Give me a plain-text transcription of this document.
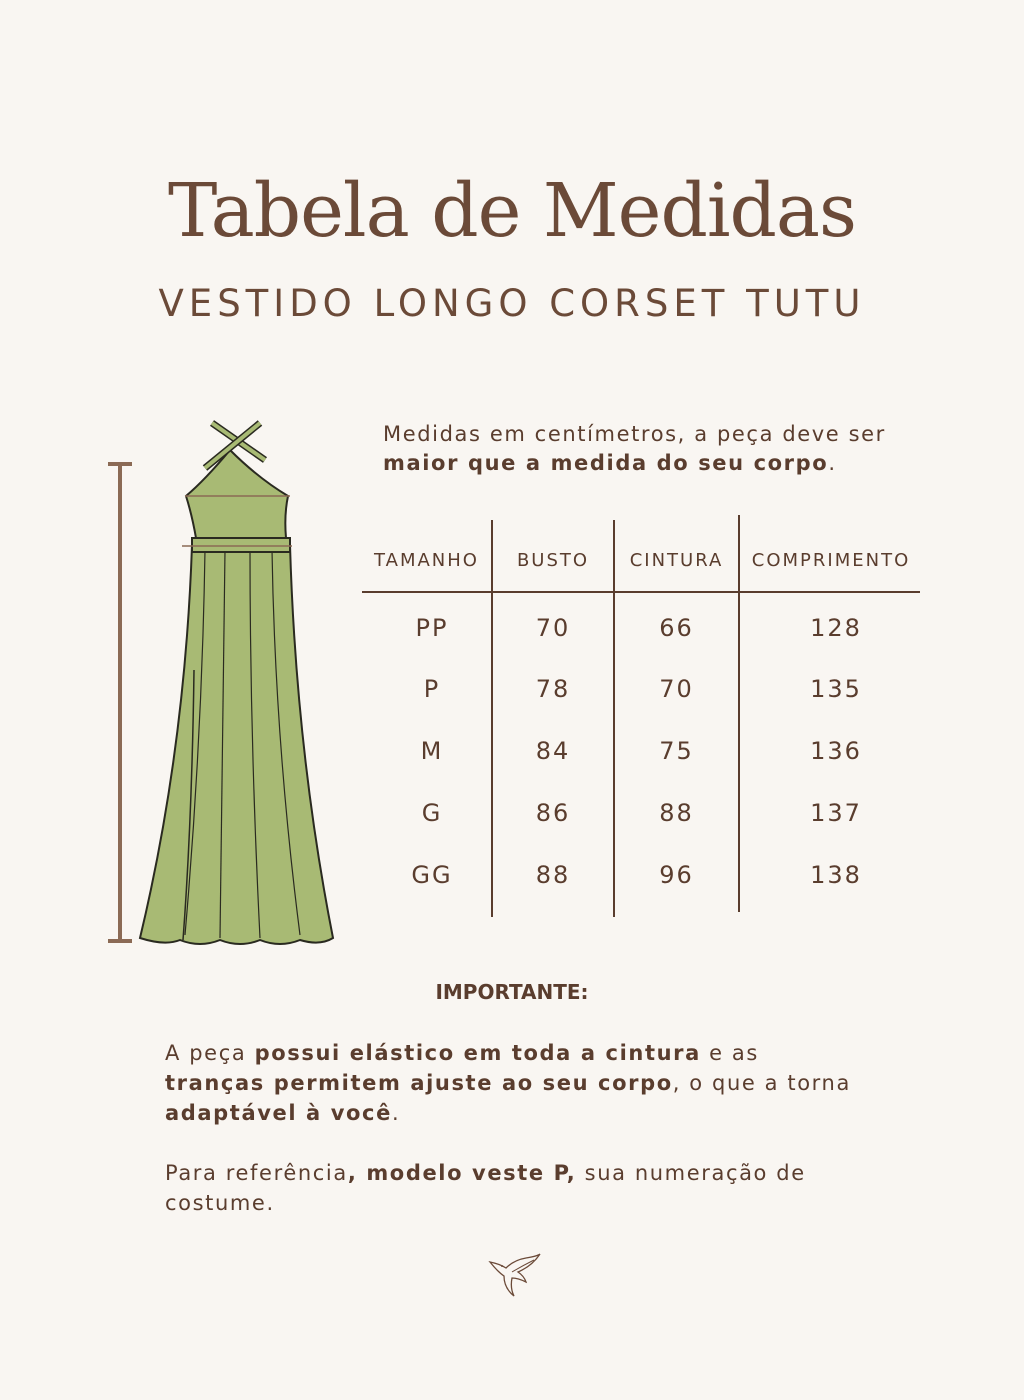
Tabela de Medidas
VESTIDO LONGO CORSET TUTU
Medidas em centímetros, a peça deve ser maior que a medida do seu corpo.
TAMANHO	BUSTO	CINTURA	COMPRIMENTO
PP	70	66	128
P	78	70	135
M	84	75	136
G	86	88	137
GG	88	96	138
IMPORTANTE:

A peça possui elástico em toda a cintura e as tranças permitem ajuste ao seu corpo, o que a torna adaptável à você.

Para referência, modelo veste P, sua numeração de costume.
